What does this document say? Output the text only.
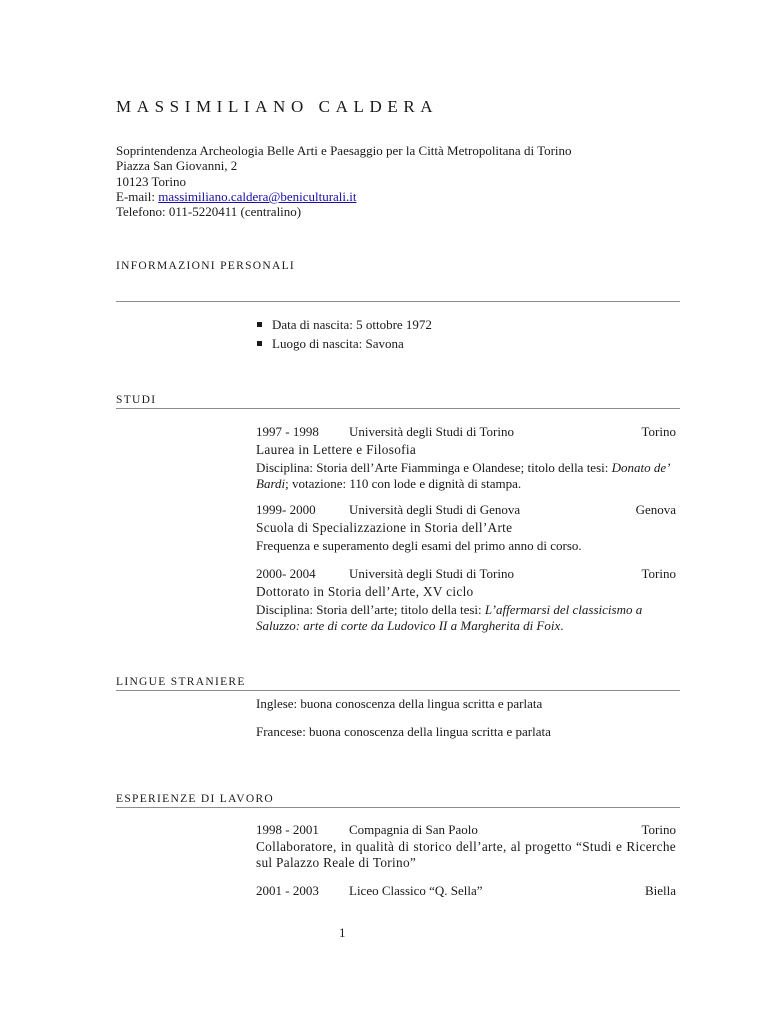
MASSIMILIANO CALDERA
Soprintendenza Archeologia Belle Arti e Paesaggio per la Città Metropolitana di Torino
Piazza San Giovanni, 2
10123 Torino
E-mail: massimiliano.caldera@beniculturali.it
Telefono: 011-5220411 (centralino)
INFORMAZIONI PERSONALI
Data di nascita: 5 ottobre 1972
Luogo di nascita: Savona
STUDI
1997 - 1998 Università degli Studi di Torino	Torino
Laurea in Lettere e Filosofia
Disciplina: Storia dell’Arte Fiamminga e Olandese; titolo della tesi: Donato de’ Bardi; votazione: 110 con lode e dignità di stampa.
1999- 2000	Università degli Studi di Genova	Genova
Scuola di Specializzazione in Storia dell’Arte
Frequenza e superamento degli esami del primo anno di corso.
2000- 2004	Università degli Studi di Torino	Torino
Dottorato in Storia dell’Arte, XV ciclo
Disciplina: Storia dell’arte; titolo della tesi: L’affermarsi del classicismo a Saluzzo: arte di corte da Ludovico II a Margherita di Foix.
LINGUE STRANIERE
Inglese: buona conoscenza della lingua scritta e parlata
Francese: buona conoscenza della lingua scritta e parlata
ESPERIENZE DI LAVORO
1998 - 2001 Compagnia di San Paolo	Torino
Collaboratore, in qualità di storico dell’arte, al progetto “Studi e Ricerche sul Palazzo Reale di Torino”
2001 - 2003 Liceo Classico “Q. Sella”	Biella
1
